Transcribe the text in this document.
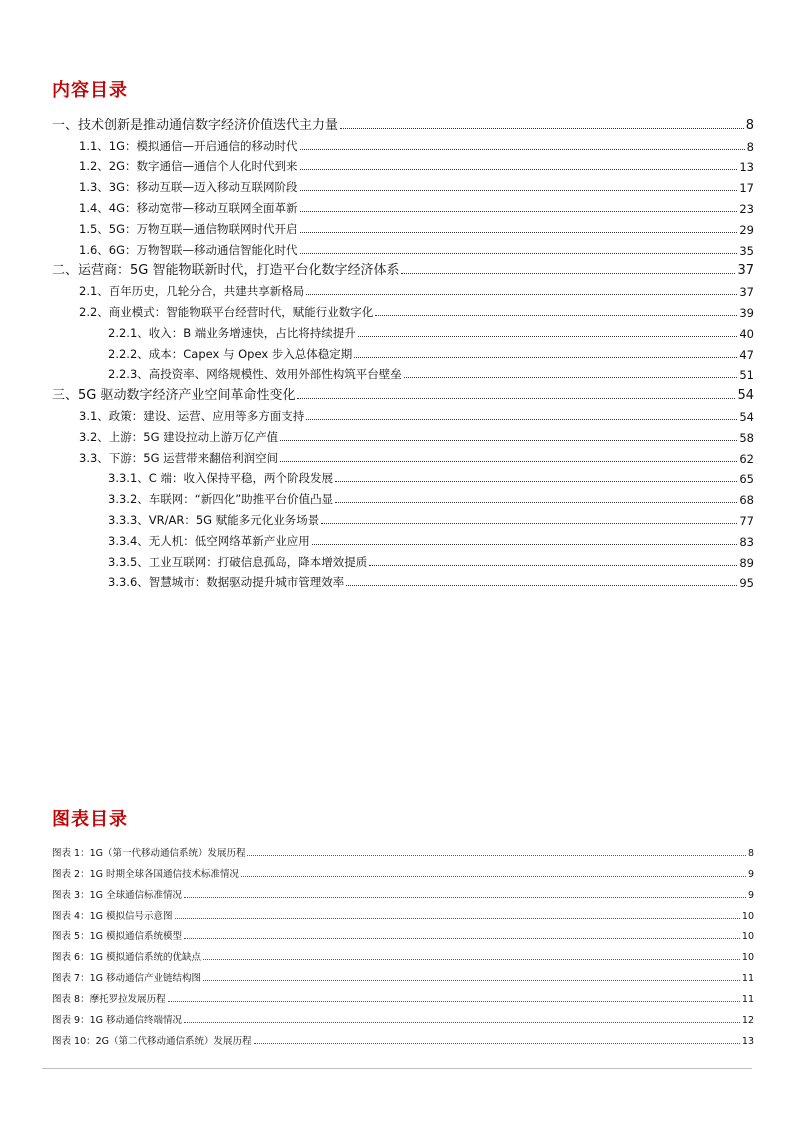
内容目录
一、技术创新是推动通信数字经济价值迭代主力量	8
1.1、1G：模拟通信—开启通信的移动时代	8
1.2、2G：数字通信—通信个人化时代到来	13
1.3、3G：移动互联—迈入移动互联网阶段	17
1.4、4G：移动宽带—移动互联网全面革新	23
1.5、5G：万物互联—通信物联网时代开启	29
1.6、6G：万物智联—移动通信智能化时代	35
二、运营商：5G 智能物联新时代，打造平台化数字经济体系	37
2.1、百年历史，几轮分合，共建共享新格局	37
2.2、商业模式：智能物联平台经营时代，赋能行业数字化	39
2.2.1、收入：B 端业务增速快，占比将持续提升	40
2.2.2、成本：Capex 与 Opex 步入总体稳定期	47
2.2.3、高投资率、网络规模性、效用外部性构筑平台壁垒	51
三、5G 驱动数字经济产业空间革命性变化	54
3.1、政策：建设、运营、应用等多方面支持	54
3.2、上游：5G 建设拉动上游万亿产值	58
3.3、下游：5G 运营带来翻倍利润空间	62
3.3.1、C 端：收入保持平稳，两个阶段发展	65
3.3.2、车联网：“新四化”助推平台价值凸显	68
3.3.3、VR/AR：5G 赋能多元化业务场景	77
3.3.4、无人机：低空网络革新产业应用	83
3.3.5、工业互联网：打破信息孤岛，降本增效提质	89
3.3.6、智慧城市：数据驱动提升城市管理效率	95
图表目录
图表 1：1G（第一代移动通信系统）发展历程	8
图表 2：1G 时期全球各国通信技术标准情况	9
图表 3：1G 全球通信标准情况	9
图表 4：1G 模拟信号示意图	10
图表 5：1G 模拟通信系统模型	10
图表 6：1G 模拟通信系统的优缺点	10
图表 7：1G 移动通信产业链结构图	11
图表 8：摩托罗拉发展历程	11
图表 9：1G 移动通信终端情况	12
图表 10：2G（第二代移动通信系统）发展历程	13
